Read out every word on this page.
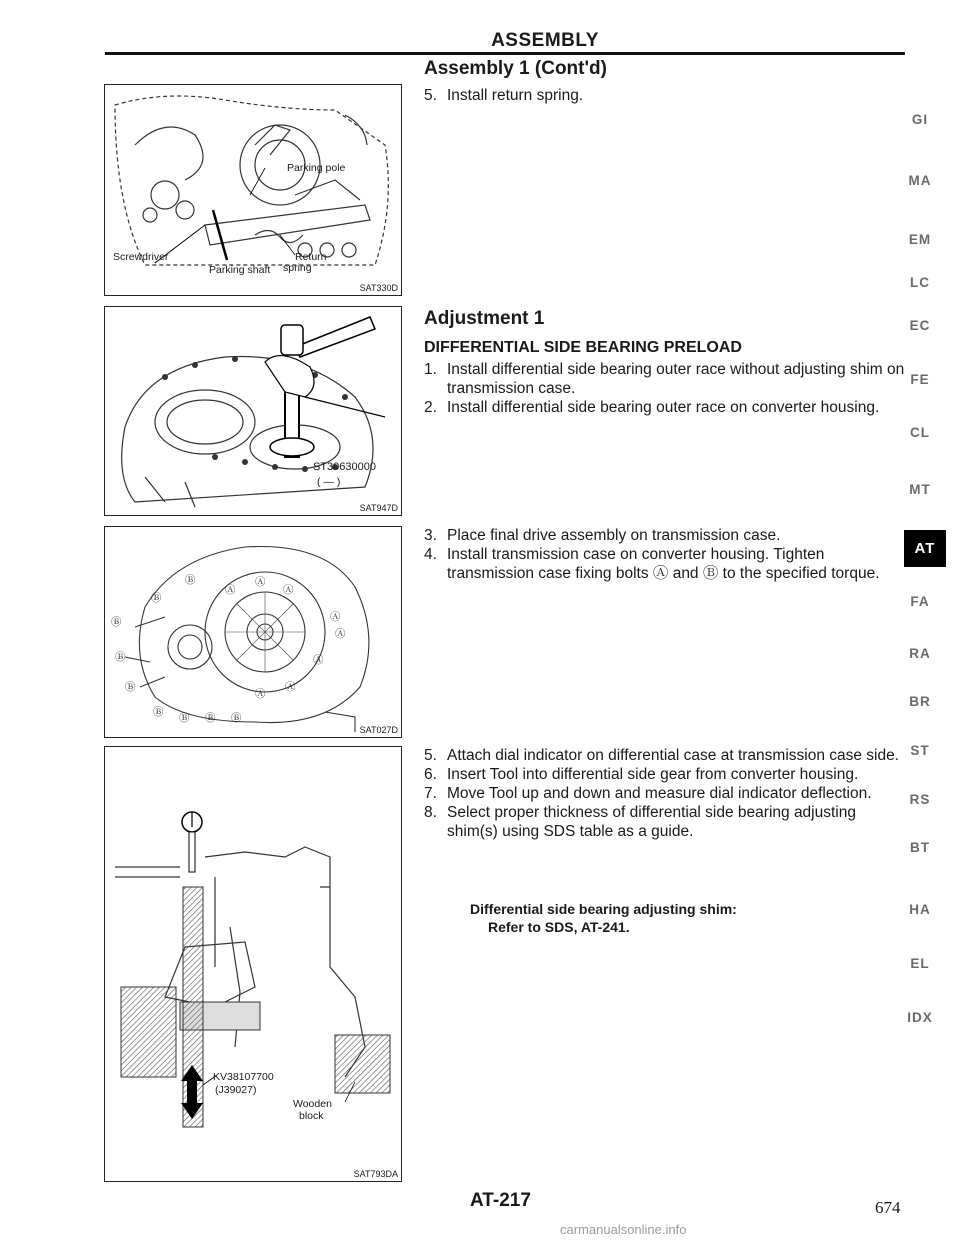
ASSEMBLY
Assembly 1 (Cont'd)
5. Install return spring.
Adjustment 1
DIFFERENTIAL SIDE BEARING PRELOAD
1. Install differential side bearing outer race without adjusting shim on transmission case.
2. Install differential side bearing outer race on converter housing.
3. Place final drive assembly on transmission case.
4. Install transmission case on converter housing. Tighten transmission case fixing bolts Ⓐ and Ⓑ to the specified torque.
5. Attach dial indicator on differential case at transmission case side.
6. Insert Tool into differential side gear from converter housing.
7. Move Tool up and down and measure dial indicator deflection.
8. Select proper thickness of differential side bearing adjusting shim(s) using SDS table as a guide.
Differential side bearing adjusting shim:
Refer to SDS, AT-241.
Parking pole
Screwdriver
Parking shaft
Return
spring
SAT330D
ST30630000
( — )
SAT947D
Ⓐ
Ⓐ
Ⓐ
Ⓐ
Ⓐ
Ⓐ
Ⓐ
Ⓐ
Ⓑ
Ⓑ
Ⓑ
Ⓑ
Ⓑ
Ⓑ Ⓑ Ⓑ Ⓑ
SAT027D
KV38107700
(J39027)
Wooden
block
SAT793DA
GI
MA
EM
LC
EC
FE
CL
MT
AT
FA
RA
BR
ST
RS
BT
HA
EL
IDX
AT-217	674
carmanualsonline.info
